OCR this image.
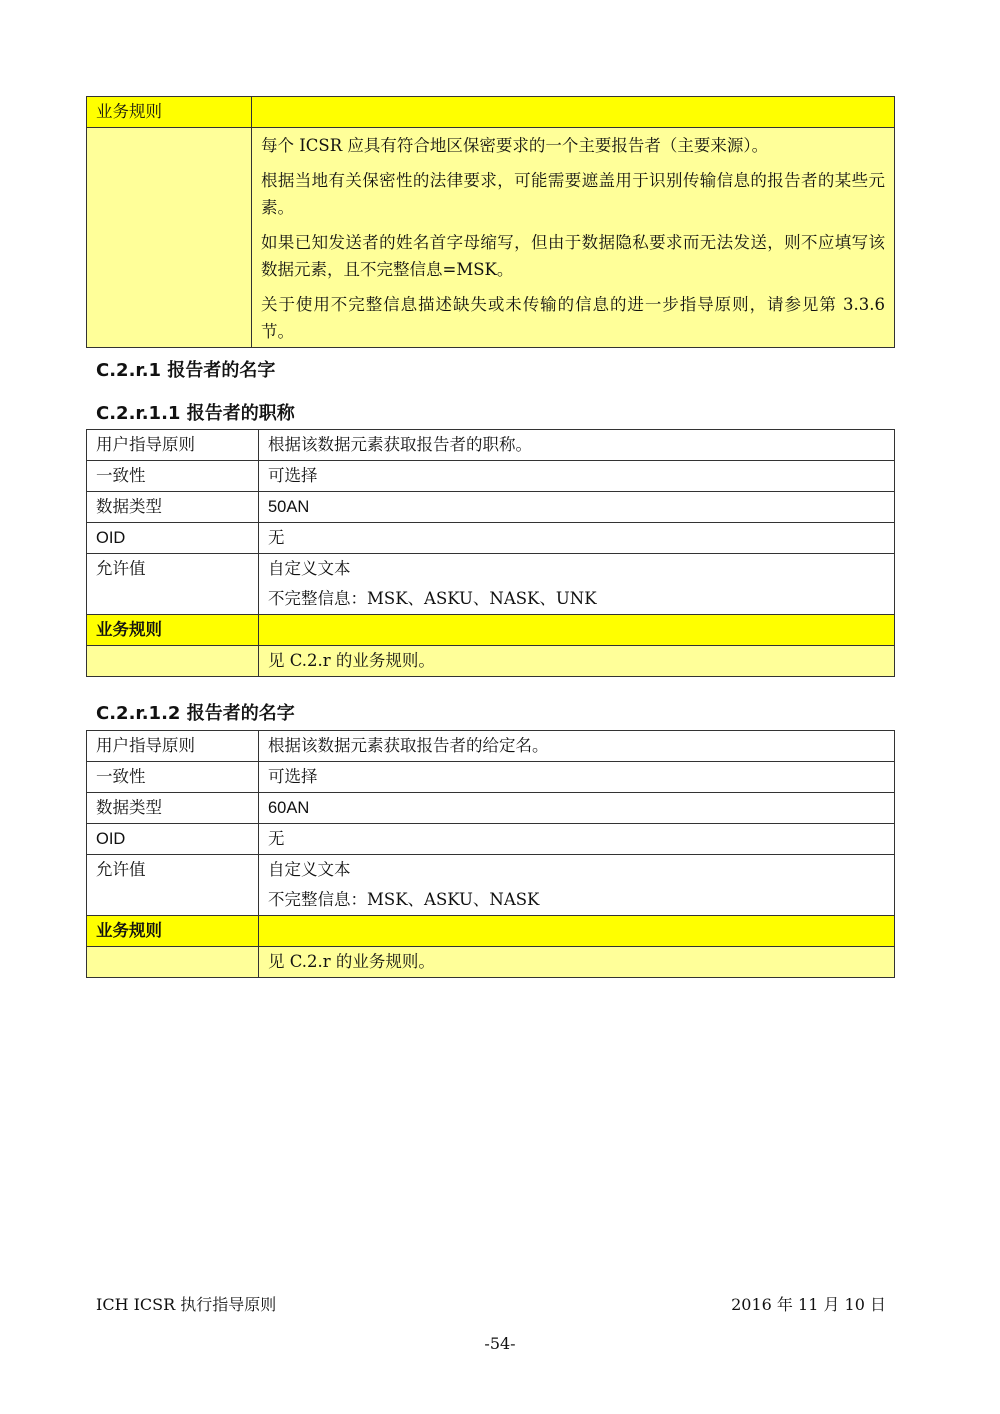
业务规则	

	每个 ICSR 应具有符合地区保密要求的一个主要报告者（主要来源）。

根据当地有关保密性的法律要求，可能需要遮盖用于识别传输信息的报告者的某些元素。

如果已知发送者的姓名首字母缩写，但由于数据隐私要求而无法发送，则不应填写该数据元素，且不完整信息=MSK。

关于使用不完整信息描述缺失或未传输的信息的进一步指导原则，请参见第 3.3.6 节。

C.2.r.1 报告者的名字
C.2.r.1.1 报告者的职称
用户指导原则	根据该数据元素获取报告者的职称。
一致性	可选择
数据类型	50AN
OID	无
允许值	自定义文本
不完整信息：MSK、ASKU、NASK、UNK

业务规则	
	见 C.2.r 的业务规则。
C.2.r.1.2 报告者的名字
用户指导原则	根据该数据元素获取报告者的给定名。
一致性	可选择
数据类型	60AN
OID	无
允许值	自定义文本
不完整信息：MSK、ASKU、NASK

业务规则	
	见 C.2.r 的业务规则。
ICH ICSR 执行指导原则	2016 年 11 月 10 日
-54-
